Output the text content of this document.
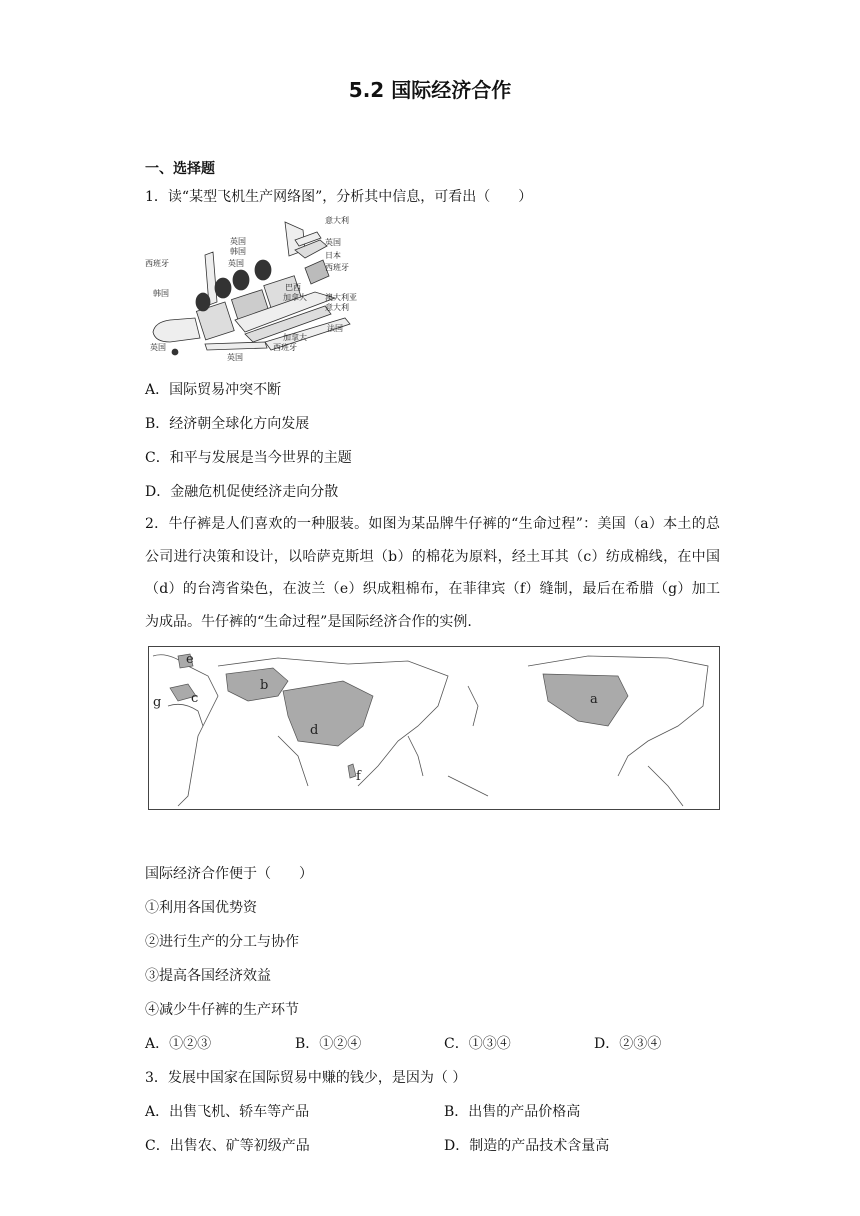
5.2 国际经济合作
一、选择题
1．读“某型飞机生产网络图”，分析其中信息，可看出（　　）
意大利
英国
日本
西班牙
英国
韩国
英国
西班牙
韩国
巴西
加拿大 澳大利亚
意大利
法国
英国
加拿大
西班牙
英国
A．国际贸易冲突不断
B．经济朝全球化方向发展
C．和平与发展是当今世界的主题
D．金融危机促使经济走向分散
2．牛仔裤是人们喜欢的一种服装。如图为某品牌牛仔裤的“生命过程”：美国（a）本土的总公司进行决策和设计，以哈萨克斯坦（b）的棉花为原料，经土耳其（c）纺成棉线，在中国（d）的台湾省染色，在波兰（e）织成粗棉布，在菲律宾（f）缝制，最后在希腊（g）加工为成品。牛仔裤的“生命过程”是国际经济合作的实例.
e
b
c
g
d
a
f
国际经济合作便于（　　）
①利用各国优势资
②进行生产的分工与协作
③提高各国经济效益
④减少牛仔裤的生产环节
A．①②③	B．①②④	C．①③④	D．②③④
3．发展中国家在国际贸易中赚的钱少，是因为（ ）
A．出售飞机、轿车等产品	B．出售的产品价格高
C．出售农、矿等初级产品	D．制造的产品技术含量高
